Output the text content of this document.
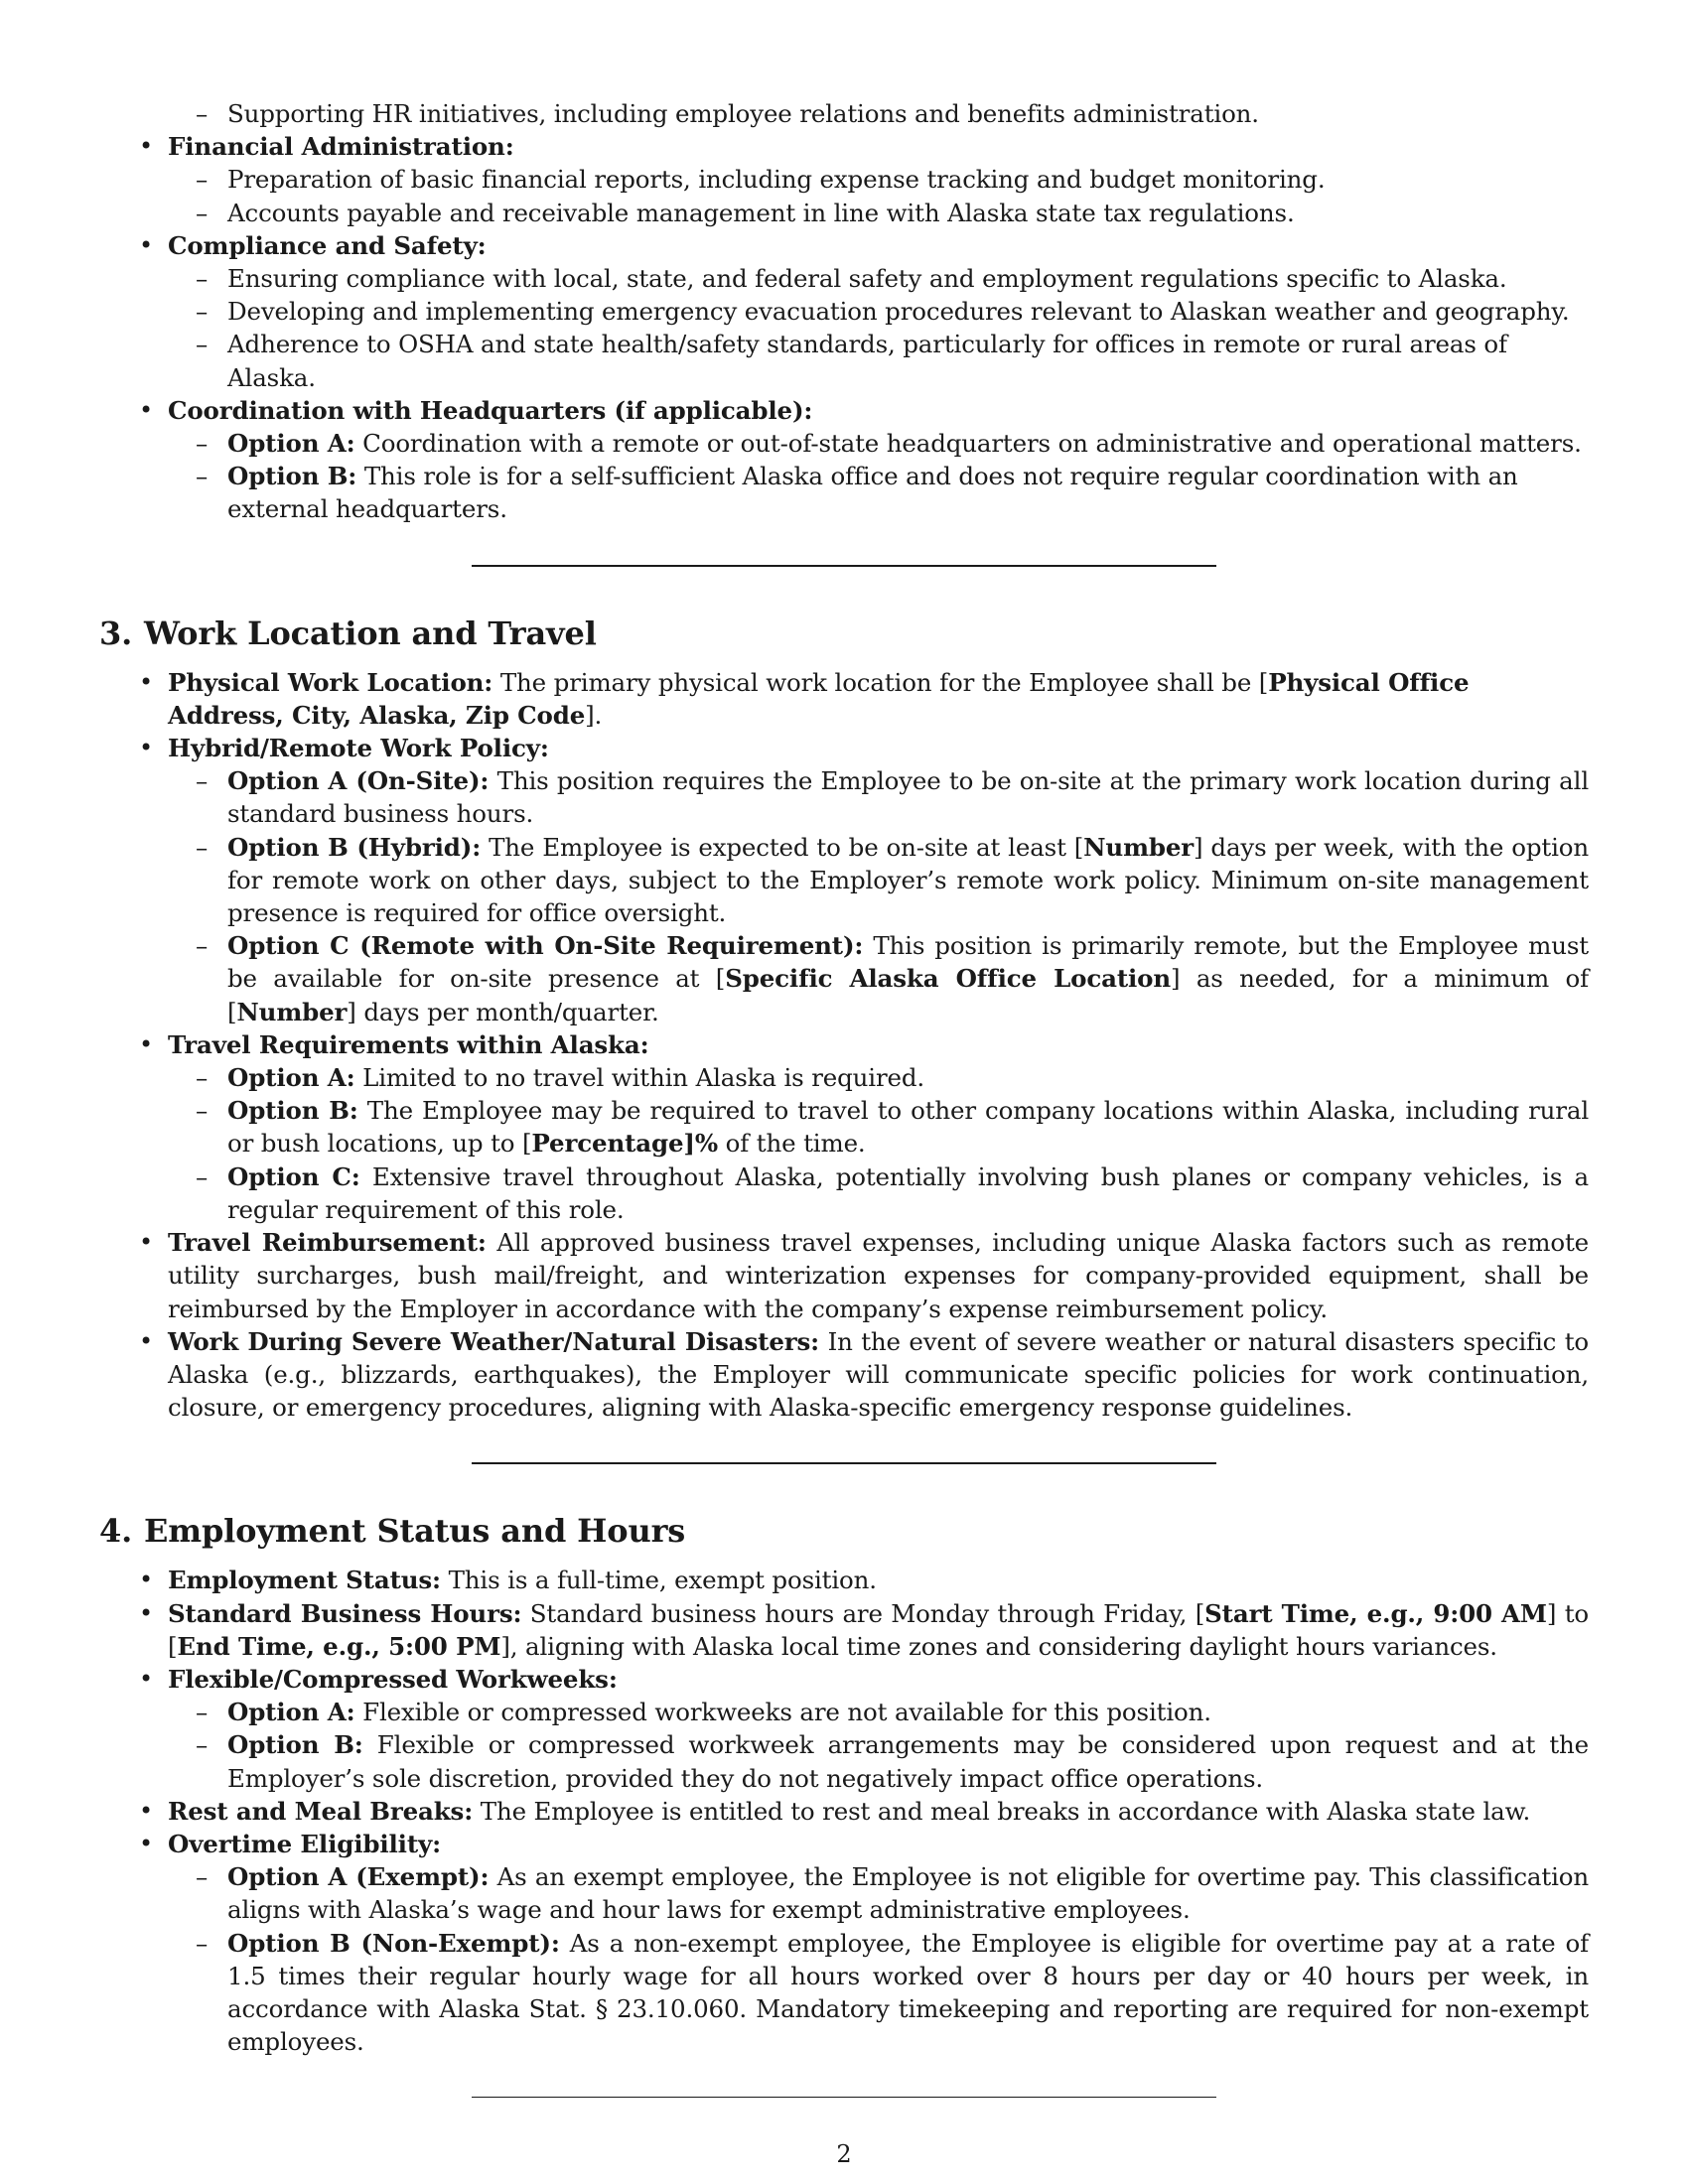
– Supporting HR initiatives, including employee relations and benefits administration.
• Financial Administration:
– Preparation of basic financial reports, including expense tracking and budget monitoring.
– Accounts payable and receivable management in line with Alaska state tax regulations.
• Compliance and Safety:
– Ensuring compliance with local, state, and federal safety and employment regulations specific to Alaska.
– Developing and implementing emergency evacuation procedures relevant to Alaskan weather and geography.
– Adherence to OSHA and state health/safety standards, particularly for offices in remote or rural areas of Alaska.
• Coordination with Headquarters (if applicable):
– Option A: Coordination with a remote or out-of-state headquarters on administrative and operational matters.
– Option B: This role is for a self-sufficient Alaska office and does not require regular coordination with an external headquarters.
3. Work Location and Travel
• Physical Work Location: The primary physical work location for the Employee shall be [Physical Office Address, City, Alaska, Zip Code].
• Hybrid/Remote Work Policy:
– Option A (On-Site): This position requires the Employee to be on-site at the primary work location during all standard business hours.
– Option B (Hybrid): The Employee is expected to be on-site at least [Number] days per week, with the option for remote work on other days, subject to the Employer’s remote work policy. Minimum on-site management presence is required for office oversight.
– Option C (Remote with On-Site Requirement): This position is primarily remote, but the Employee must be available for on-site presence at [Specific Alaska Office Location] as needed, for a minimum of [Number] days per month/quarter.
• Travel Requirements within Alaska:
– Option A: Limited to no travel within Alaska is required.
– Option B: The Employee may be required to travel to other company locations within Alaska, including rural or bush locations, up to [Percentage]% of the time.
– Option C: Extensive travel throughout Alaska, potentially involving bush planes or company vehicles, is a regular requirement of this role.
• Travel Reimbursement: All approved business travel expenses, including unique Alaska factors such as remote utility surcharges, bush mail/freight, and winterization expenses for company-provided equipment, shall be reimbursed by the Employer in accordance with the company’s expense reimbursement policy.
• Work During Severe Weather/Natural Disasters: In the event of severe weather or natural disasters specific to Alaska (e.g., blizzards, earthquakes), the Employer will communicate specific policies for work continuation, closure, or emergency procedures, aligning with Alaska-specific emergency response guidelines.
4. Employment Status and Hours
• Employment Status: This is a full-time, exempt position.
• Standard Business Hours: Standard business hours are Monday through Friday, [Start Time, e.g., 9:00 AM] to [End Time, e.g., 5:00 PM], aligning with Alaska local time zones and considering daylight hours variances.
• Flexible/Compressed Workweeks:
– Option A: Flexible or compressed workweeks are not available for this position.
– Option B: Flexible or compressed workweek arrangements may be considered upon request and at the Employer’s sole discretion, provided they do not negatively impact office operations.
• Rest and Meal Breaks: The Employee is entitled to rest and meal breaks in accordance with Alaska state law.
• Overtime Eligibility:
– Option A (Exempt): As an exempt employee, the Employee is not eligible for overtime pay. This classification aligns with Alaska’s wage and hour laws for exempt administrative employees.
– Option B (Non-Exempt): As a non-exempt employee, the Employee is eligible for overtime pay at a rate of 1.5 times their regular hourly wage for all hours worked over 8 hours per day or 40 hours per week, in accordance with Alaska Stat. § 23.10.060. Mandatory timekeeping and reporting are required for non-exempt employees.
2
